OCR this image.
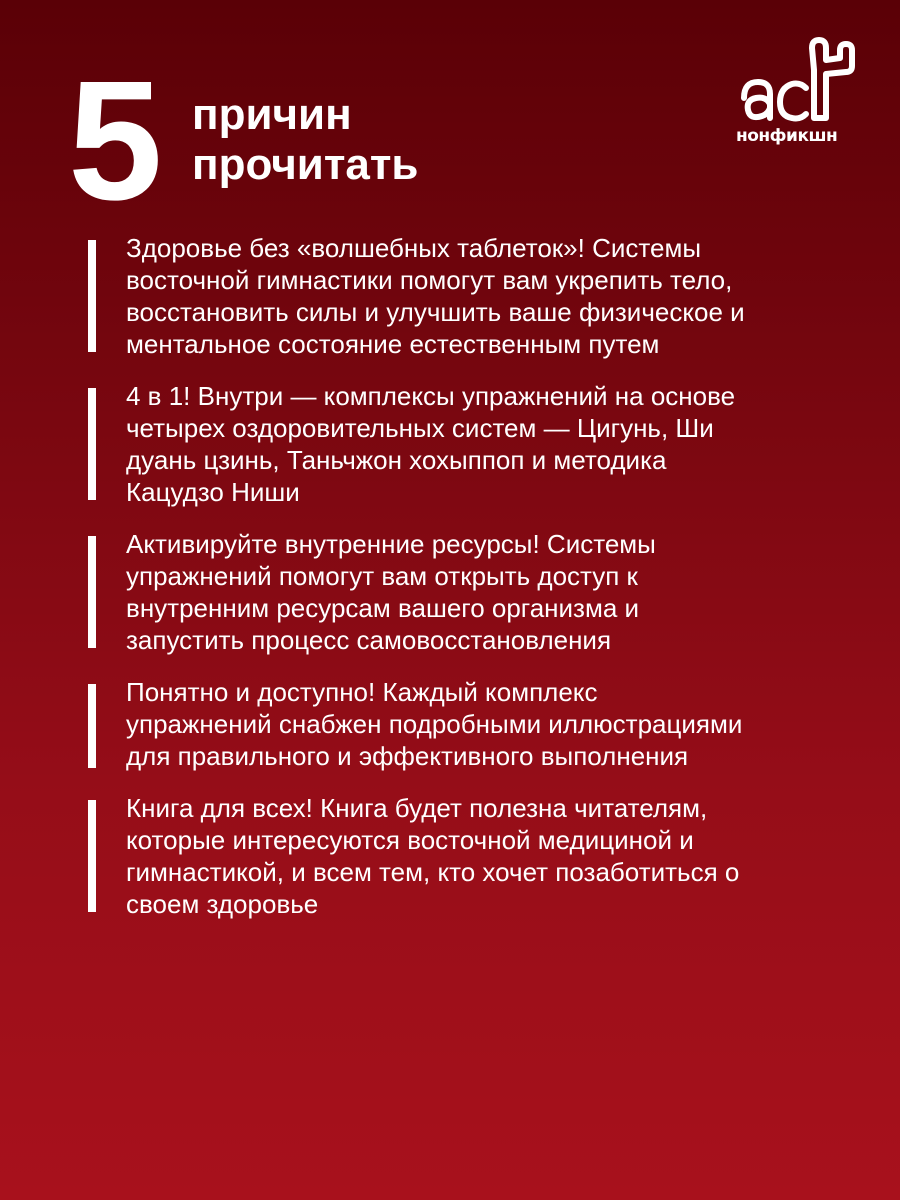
5 причин
прочитать
нонфикшн
Здоровье без «волшебных таблеток»! Системы
восточной гимнастики помогут вам укрепить тело,
восстановить силы и улучшить ваше физическое и
ментальное состояние естественным путем
4 в 1! Внутри — комплексы упражнений на основе
четырех оздоровительных систем — Цигунь, Ши
дуань цзинь, Таньчжон хохыппоп и методика
Кацудзо Ниши
Активируйте внутренние ресурсы! Системы
упражнений помогут вам открыть доступ к
внутренним ресурсам вашего организма и
запустить процесс самовосстановления
Понятно и доступно! Каждый комплекс
упражнений снабжен подробными иллюстрациями
для правильного и эффективного выполнения
Книга для всех! Книга будет полезна читателям,
которые интересуются восточной медициной и
гимнастикой, и всем тем, кто хочет позаботиться о
своем здоровье
